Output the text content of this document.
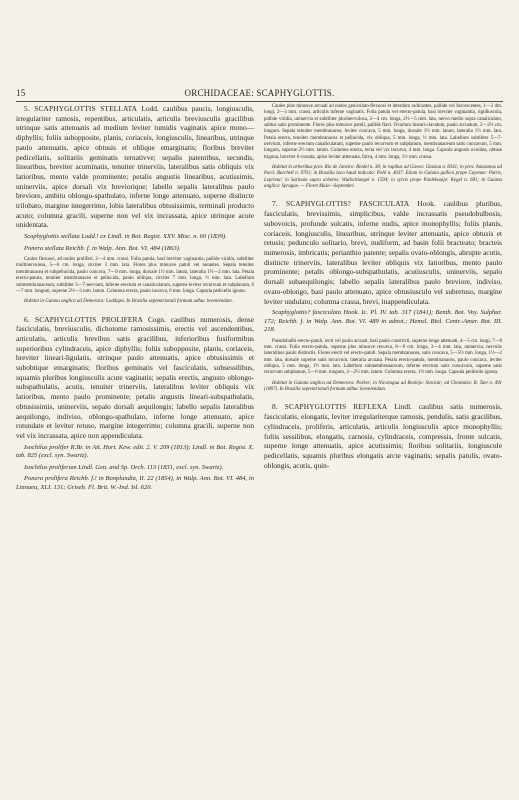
15	ORCHIDACEAE: SCAPHYGLOTTIS.

5. SCAPHYGLOTTIS STELLATA Lodd. caulibus paucis, longiusculis, irregulariter ramosis, repentibus, articulatis, articulis breviusculis gracilibus utrinque satis attenuatis ad medium leviter tumidis vaginatis apice mono—diphyllis; foliis subopposite, planis, coriaceis, longiusculis, linearibus, utrinque paulo attenuatis, apice obtusis et oblique emarginatis; floribus breviter pedicellatis, solitariis geminatis ternativve; sepalis patentibus, secundis, linearibus, breviter acuminatis, tenuiter trinerviis, lateralibus satis obliquis vix latioribus, mento valde prominente; petalis angustis linearibus, acutissimis, uninerviis, apice dorsali vix breviorique; labello sepalis lateralibus paulo breviore, ambitu oblongo-spathulato, inferne longe attenuato, superne distincte trilobato, margine integerrimo, lobis lateralibus obtusissimis, terminali producto acuto; columna gracili, superne non vel vix incrassata, apice utrinque acute unidentata.

Scaphyglottis stellata Lodd.! ex Lindl. in Bot. Regist. XXV. Misc. n. 60 (1839).

Ponera stellata Reichb. f. in Walp. Ann. Bot. VI. 484 (1863).

Caules flexuosi, ad nodos proliferi, 2—4 mm. crassi. Folia patula, basi breviter vaginantia, pallide viridia, subtiliter multinervulosa, 5—6 cm. longa, circiter 3 mm. lata. Flores plus minusve patuli vel nutantes. Sepala tenuiter membranacea et subpellucida, paulo concava, 7—9 mm. longa, dorsale 1½ mm. latum, lateralia 1½—2 mm. lata. Petala erecto-patula, tenuiter membranacea et pellucida, paulo obliqua, circiter 7 mm. longa, ½ mm. lata. Labellum submembranaceum, subtiliter 5—7-nervium, inferne erectum et canaliculatum, superne leviter recurvum et subplanum, 6—7 mm. longum, superne 2½—3 mm. latum. Columna erecta, paulo incurva, 6 mm. longa. Capsula pedicello ignota.

Habitat in Guiana anglica ad Demerara: Loddiges. In Brasilia septentrionali formam adhuc inveniendam.

6. SCAPHYGLOTTIS PROLIFERA Cogn. caulibus numerosis, dense fasciculatis, breviusculis, dichotome ramosissimis, erectis vel ascendentibus, articulatis, articulis brevibus satis gracilibus, inferioribus fusiformibus superioribus cylindraceis, apice diphyllis; foliis subopposite, planis, coriaceis, breviter lineari-ligulatis, utrinque paulo attenuatis, apice obtusissimis et subobtique emarginatis; floribus geminatis vel fasciculatis, subsessilibus, squamis pluribus longiusculis acute vaginatis; sepalis erectis, angusto oblongo-subspathulatis, acutis, tenuiter trinerviis, lateralibus leviter obliquis vix latioribus, mento paulo prominente; petalis angustis lineari-subspathulatis, obtusissimis, uninerviis, sepalo dorsali aequilongis; labello sepalis lateralibus aequilongo, indiviso, oblongo-spathulato, inferne longe attenuato, apice rotundate et leviter retuso, margine integerrimo; columna gracili, superne non vel vix incrassata, apice non appendiculata.

Isochilus prolifer R.Br. in Ait. Hort. Kew. edit. 2. V. 209 (1813); Lindl. in Bot. Regist. X. tab. 825 (excl. syn. Swartz).

Isochilus proliferum Lindl. Gen. and Sp. Orch. 113 (1831, excl. syn. Swartz).

Ponera prolifera Reichb. f.! in Bonplandia, II. 22 (1854), in Walp. Ann. Bot. VI. 484, in Linnaea, XLI. 131; Griseb. Fl. Brit. W.-Ind. Isl. 620.

Caules plus minusve arcuati ad nodos geniculato-flexuosi et interdum radicantes, pallide vel fuscescentes, 1—2 dm. longi, 2—3 mm. crassi, articulis inferne vaginatis. Folia patula vel erecto-patula, basi breviter vaginantia, rigidiuscula, pallide viridia, uninervia et subtiliter plurinervulosa, 2—4 cm. longa, 2½—5 mm. lata, nervo medio supra canaliculato, subtus satis prominente. Flores plus minusve patuli, pallide flavi. Ovarium lineari-clavatum, paulo arcuatum, 2—2½ cm. longum. Sepala tenuiter membranacea, leviter concava, 5 mm. longa, dorsale 1½ mm. latum, lateralia 1½ mm. lata. Petala erecta, tenuiter membranacea et pellucida, vix obliqua, 5 mm. longa, ½ mm. lata. Labellum subtiliter 5—7-nervium, inferne erectum canaliculatum, superne paulo recurvum et subplanum, membranaceum satis concavum, 5 mm. longum, superne 2½ mm. latum. Columna erecta, recta vel vix incurva, 4 mm. longa. Capsula angusto ovoidea, obtuse trigona, breviter 6-costata, apice leviter attenuata, fulva, 4 mm. longa, 1½ mm. crassa.

Habitat in arboribus prov. Rio de Janeiro: Riedel n. 38; in rupibus ad Gavea: Glaziou n. 8341; in prov. Amazonas ad Pará: Burchell n. 9761; in Brasilia loco haud indicato: Pohl n. 4637. Etiam in Guiana gallica prope Cayenne: Patris, Leprieur; in Surinam supra arbores: Wullschlaegel n. 1594; in sylvis prope Paidekouije: Kegel n. 681; in Guiana anglica: Sprague. — Floret Maio—Septembri.

7. SCAPHYGLOTTIS? FASCICULATA Hook. caulibus pluribus, fasciculatis, brevissimis, simplicibus, valde incrassatis pseudobulbosis, subovoicis, profunde sulcatis, inferne nudis, apice monophyllis; foliis planis, coriaceis, longiusculis, linearibus, utrinque leviter attenuatis, apice obtusis et retusis; pedunculo solitario, brevi, nudiform, ad basin folii bracteato; bracteis numerosis, imbricatis; perianthio patente; sepalis ovato-oblongis, abrupte acutis, distincte trinerviis, lateralibus leviter obliquis vix latioribus, mento paulo prominente; petalis oblongo-subspathulatis, acutiusculis, uninerviis, sepalo dorsali subaequilongis; labello sepalis lateralibus paulo breviore, indiviso, ovato-oblongo, basi paulo attenuato, apice obtusiusculo vel subretuso, margine leviter undulato; columna crassa, brevi, inappendiculata.

Scaphyglottis? fasciculata Hook. Ic. Pl. IV. tab. 317 (1841); Benth. Bot. Voy. Sulphur. 172; Reichb. f. in Walp. Ann. Bot. VI. 489 in adnot.; Hemsl. Biol. Centr.-Amer. Bot. III. 218.

Pseudobulbi erecto-patuli, recti vel paulo arcuati, basi paulo constricti, superne longe attenuati, 4—5 cm. longi, 7—8 mm. crassi. Folia erecto-patula, superne plus minusve recurva, 8—9 cm. longa, 3—4 mm. lata, uninervia, nervulis lateralibus paulo distinctis. Flores erecti vel erecto-patuli. Sepala membranacea, satis concava, 5—5½ mm. longa, 1½—2 mm. lata, dorsale superne satis incurvum, lateralia arcuata. Petala erecto-patula, membranacea, paulo concava, leviter obliqua, 5 mm. longa, 1½ mm. lata. Labellum submembranaceum, inferne erectum satis concavum, superne satis recurvum subplanum, 5—6 mm. longum, 2—2½ mm. latum. Columna erecta, 1½ mm. longa. Capsula pedicello ignota.

Habitat in Guiana anglica ad Demerara: Parker; in Nicaragua ad Realejo: Sinclair; ad Chontales: R. Tate n. 491 (1867). In Brasilia septentrionali formam adhuc inveniendam.

8. SCAPHYGLOTTIS REFLEXA Lindl. caulibus satis numerosis, fasciculatis, elongatis, leviter irregulariterque ramosis, pendulis, satis gracilibus, cylindraceis, proliferis, articulatis, articulis longiusculis apice monophyllis; foliis sessilibus, elongatis, carnosis, cylindraceis, compressis, fronte sulcatis, superne longe attenuatis, apice acutissimis; floribus solitariis, longiuscule pedicellatis, squamis pluribus elongatis arcte vaginatis; sepalis patulis, ovato-oblongis, acutis, quin-
